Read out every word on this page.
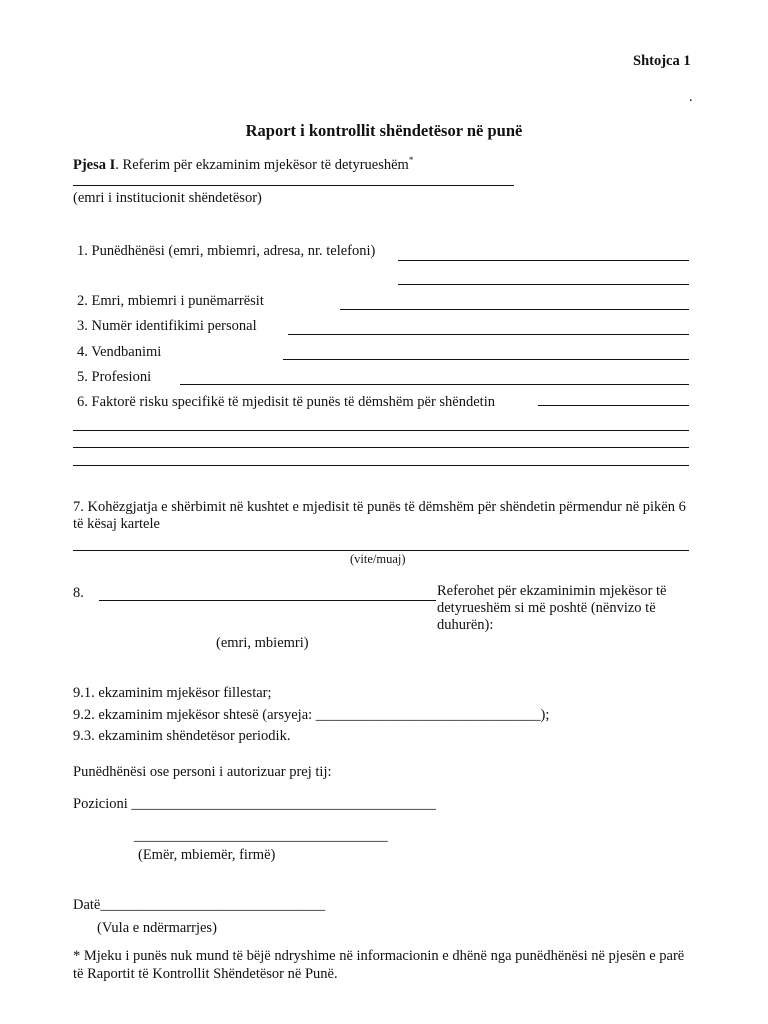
Shtojca 1
.
Raport i kontrollit shëndetësor në punë
Pjesa I. Referim për ekzaminim mjekësor të detyrueshëm*
(emri i institucionit shëndetësor)
1. Punëdhënësi (emri, mbiemri, adresa, nr. telefoni)
2. Emri, mbiemri i punëmarrësit
3. Numër identifikimi personal
4. Vendbanimi
5. Profesioni
6. Faktorë risku specifikë të mjedisit të punës të dëmshëm për shëndetin
7. Kohëzgjatja e shërbimit në kushtet e mjedisit të punës të dëmshëm për shëndetin përmendur në pikën 6 të kësaj kartele
(vite/muaj)
8.	Referohet për ekzaminimin mjekësor të detyrueshëm si më poshtë (nënvizo të duhurën):
(emri, mbiemri)
9.1. ekzaminim mjekësor fillestar;
9.2. ekzaminim mjekësor shtesë (arsyeja: _______________________________);
9.3. ekzaminim shëndetësor periodik.
Punëdhënësi ose personi i autorizuar prej tij:
Pozicioni __________________________________________
___________________________________
(Emër, mbiemër, firmë)
Datë_______________________________
(Vula e ndërmarrjes)
* Mjeku i punës nuk mund të bëjë ndryshime në informacionin e dhënë nga punëdhënësi në pjesën e parë të Raportit të Kontrollit Shëndetësor në Punë.
